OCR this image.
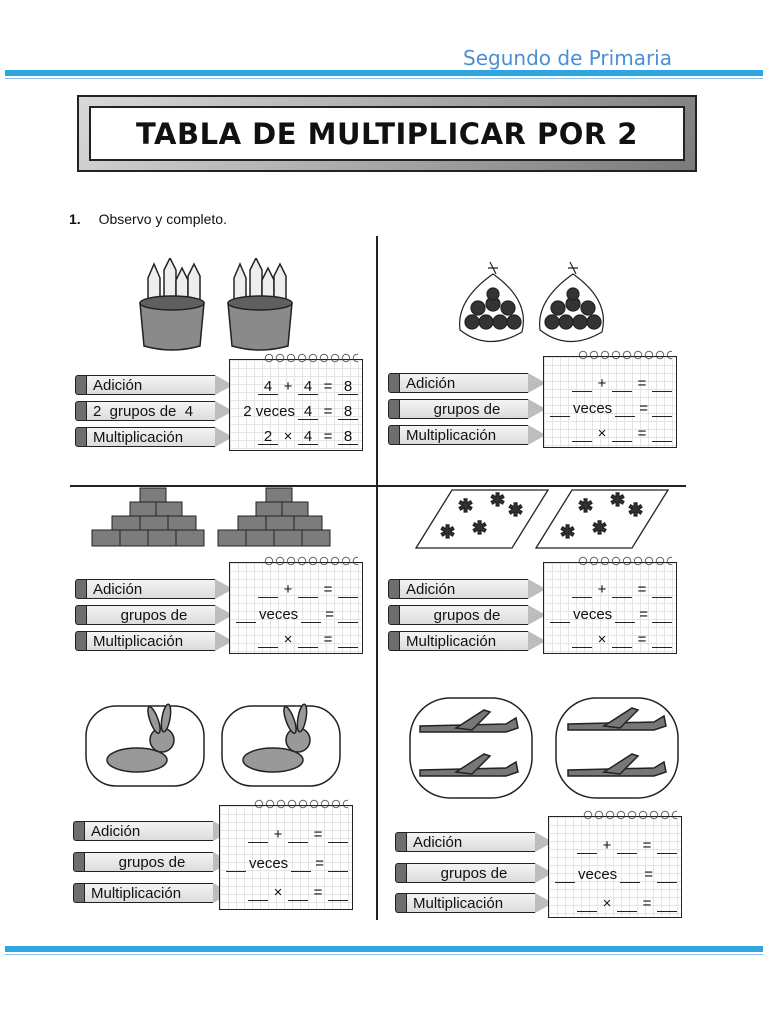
Segundo de Primaria
TABLA DE MULTIPLICAR POR 2
1. Observo y completo.
Adición
2  grupos de  4
Multiplicación
4 + 4 = 8
2 veces 4 = 8
2 × 4 = 8
Adición
grupos de
Multiplicación
+ =
veces =
× =
Adición
grupos de
Multiplicación
+ =
veces =
× =
✱ ✱ ✱
✱ ✱
✱ ✱ ✱
✱ ✱
Adición
grupos de
Multiplicación
+ =
veces =
× =
Adición
grupos de
Multiplicación
+ =
veces =
× =
Adición
grupos de
Multiplicación
+ =
veces =
× =
